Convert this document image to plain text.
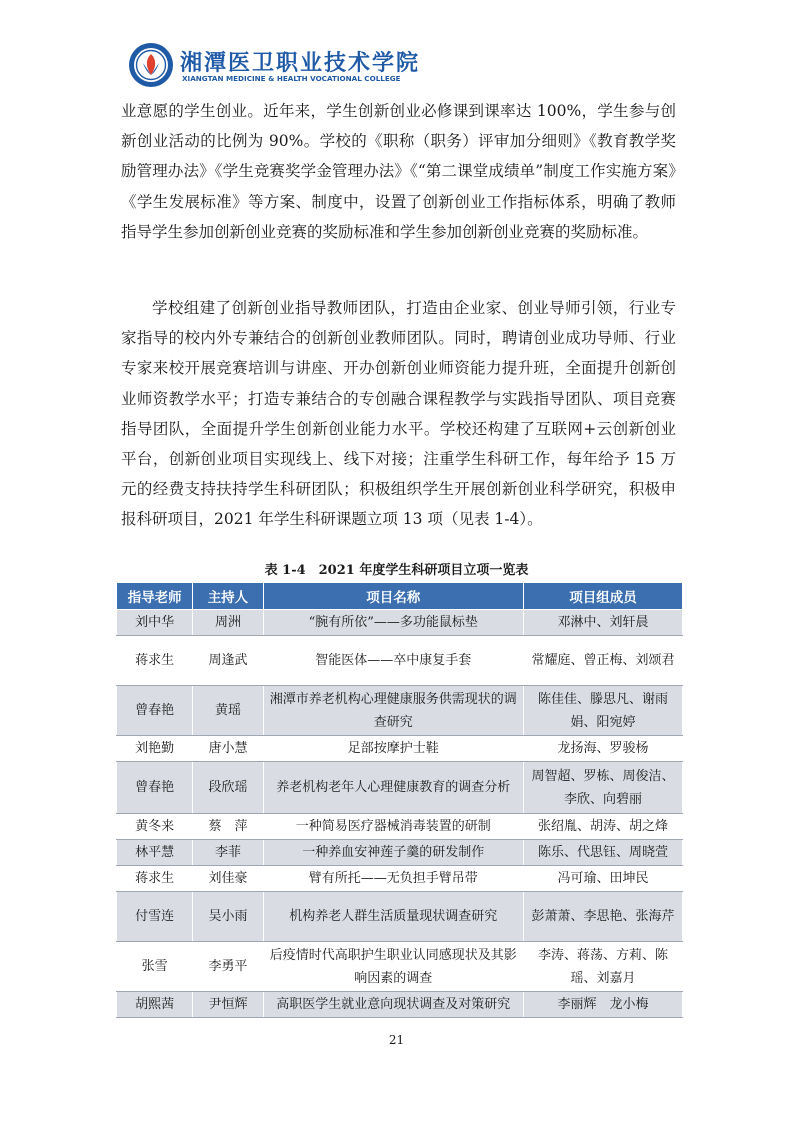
湘潭医卫职业技术学院
XIANGTAN MEDICINE & HEALTH VOCATIONAL COLLEGE
业意愿的学生创业。近年来，学生创新创业必修课到课率达 100%，学生参与创新创业活动的比例为 90%。学校的《职称（职务）评审加分细则》《教育教学奖励管理办法》《学生竞赛奖学金管理办法》《“第二课堂成绩单”制度工作实施方案》《学生发展标准》等方案、制度中，设置了创新创业工作指标体系，明确了教师指导学生参加创新创业竞赛的奖励标准和学生参加创新创业竞赛的奖励标准。
学校组建了创新创业指导教师团队，打造由企业家、创业导师引领，行业专家指导的校内外专兼结合的创新创业教师团队。同时，聘请创业成功导师、行业专家来校开展竞赛培训与讲座、开办创新创业师资能力提升班，全面提升创新创业师资教学水平；打造专兼结合的专创融合课程教学与实践指导团队、项目竞赛指导团队，全面提升学生创新创业能力水平。学校还构建了互联网+云创新创业平台，创新创业项目实现线上、线下对接；注重学生科研工作，每年给予 15 万元的经费支持扶持学生科研团队；积极组织学生开展创新创业科学研究，积极申报科研项目，2021 年学生科研课题立项 13 项（见表 1-4）。
表 1-4　2021 年度学生科研项目立项一览表
指导老师	主持人	项目名称	项目组成员
刘中华	周洲	“腕有所依”——多功能鼠标垫	邓淋中、刘轩晨
蒋求生	周逢武	智能医体——卒中康复手套	常耀庭、曾正梅、刘颂君
曾春艳	黄瑶	湘潭市养老机构心理健康服务供需现状的调查研究	陈佳佳、滕思凡、谢雨娟、阳宛婷
刘艳勤	唐小慧	足部按摩护士鞋	龙扬海、罗骏杨
曾春艳	段欣瑶	养老机构老年人心理健康教育的调查分析	周智超、罗栋、周俊洁、李欣、向碧丽
黄冬来	蔡　萍	一种简易医疗器械消毒装置的研制	张绍胤、胡涛、胡之烽
林平慧	李菲	一种养血安神莲子羹的研发制作	陈乐、代思钰、周晓萱
蒋求生	刘佳豪	臂有所托——无负担手臂吊带	冯可瑜、田坤民
付雪连	吴小雨	机构养老人群生活质量现状调查研究	彭萧萧、李思艳、张海芹
张雪	李勇平	后疫情时代高职护生职业认同感现状及其影响因素的调查	李涛、蒋荡、方莉、陈瑶、刘嘉月
胡熙茜	尹恒辉	高职医学生就业意向现状调查及对策研究	李丽辉　龙小梅
21
